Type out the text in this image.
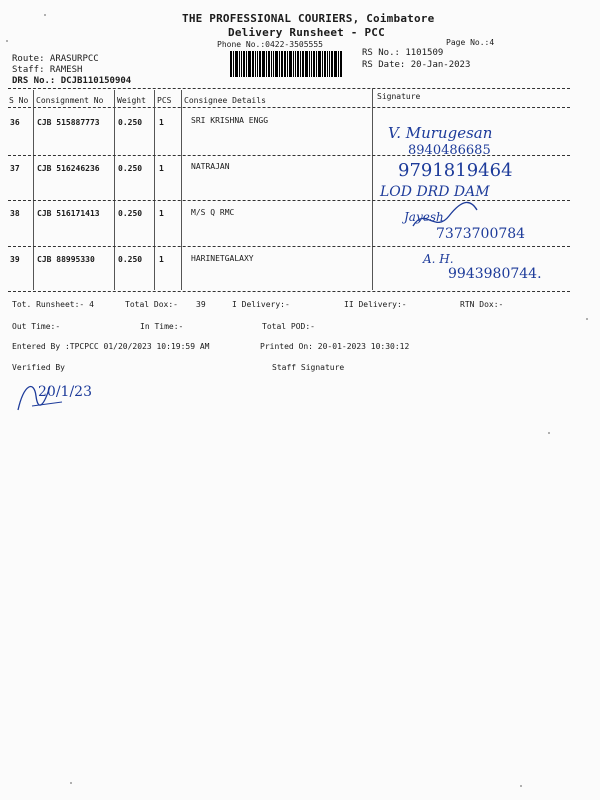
THE PROFESSIONAL COURIERS, Coimbatore
Delivery Runsheet - PCC
Phone No.:0422-3505555	Page No.:4
Route: ARASURPCC
Staff: RAMESH
DRS No.: DCJB110150904
RS No.: 1101509
RS Date: 20-Jan-2023
S No Consignment No Weight PCS Consignee Details	Signature
36 CJB 515887773 0.250 1	SRI KRISHNA ENGG
V. Murugesan
8940486685
37 CJB 516246236 0.250 1	NATRAJAN	9791819464
LOD DRD DAM
38 CJB 516171413 0.250 1	M/S Q RMC	Jayesh
7373700784
39 CJB 88995330	0.250 1	HARINETGALAXY	A. H.
9943980744.
Tot. Runsheet:- 4	Total Dox:- 39	I Delivery:-	II Delivery:-	RTN Dox:-
Out Time:-	In Time:-	Total POD:-
Entered By :TPCPCC 01/20/2023 10:19:59 AM	Printed On: 20-01-2023 10:30:12
Verified By	Staff Signature
20/1/23
